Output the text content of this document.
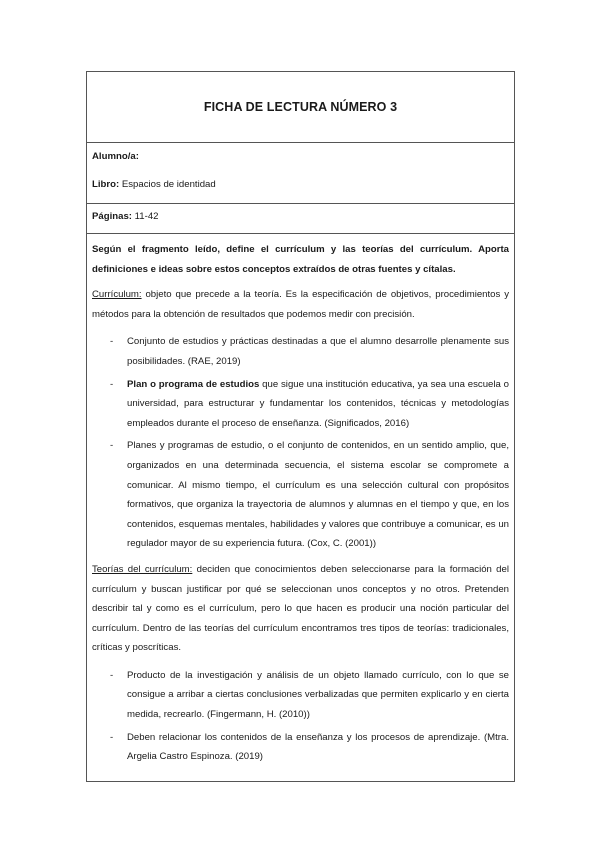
FICHA DE LECTURA NÚMERO 3

Alumno/a:

Libro: Espacios de identidad

Páginas: 11-42

Según el fragmento leído, define el currículum y las teorías del currículum. Aporta definiciones e ideas sobre estos conceptos extraídos de otras fuentes y cítalas.

Currículum: objeto que precede a la teoría. Es la especificación de objetivos, procedimientos y métodos para la obtención de resultados que podemos medir con precisión.

- Conjunto de estudios y prácticas destinadas a que el alumno desarrolle plenamente sus posibilidades. (RAE, 2019)
- Plan o programa de estudios que sigue una institución educativa, ya sea una escuela o universidad, para estructurar y fundamentar los contenidos, técnicas y metodologías empleados durante el proceso de enseñanza. (Significados, 2016)
- Planes y programas de estudio, o el conjunto de contenidos, en un sentido amplio, que, organizados en una determinada secuencia, el sistema escolar se compromete a comunicar. Al mismo tiempo, el currículum es una selección cultural con propósitos formativos, que organiza la trayectoria de alumnos y alumnas en el tiempo y que, en los contenidos, esquemas mentales, habilidades y valores que contribuye a comunicar, es un regulador mayor de su experiencia futura. (Cox, C. (2001))

Teorías del currículum: deciden que conocimientos deben seleccionarse para la formación del currículum y buscan justificar por qué se seleccionan unos conceptos y no otros. Pretenden describir tal y como es el currículum, pero lo que hacen es producir una noción particular del currículum. Dentro de las teorías del currículum encontramos tres tipos de teorías: tradicionales, críticas y poscríticas.

- Producto de la investigación y análisis de un objeto llamado currículo, con lo que se consigue a arribar a ciertas conclusiones verbalizadas que permiten explicarlo y en cierta medida, recrearlo. (Fingermann, H. (2010))
- Deben relacionar los contenidos de la enseñanza y los procesos de aprendizaje. (Mtra. Argelia Castro Espinoza. (2019)
